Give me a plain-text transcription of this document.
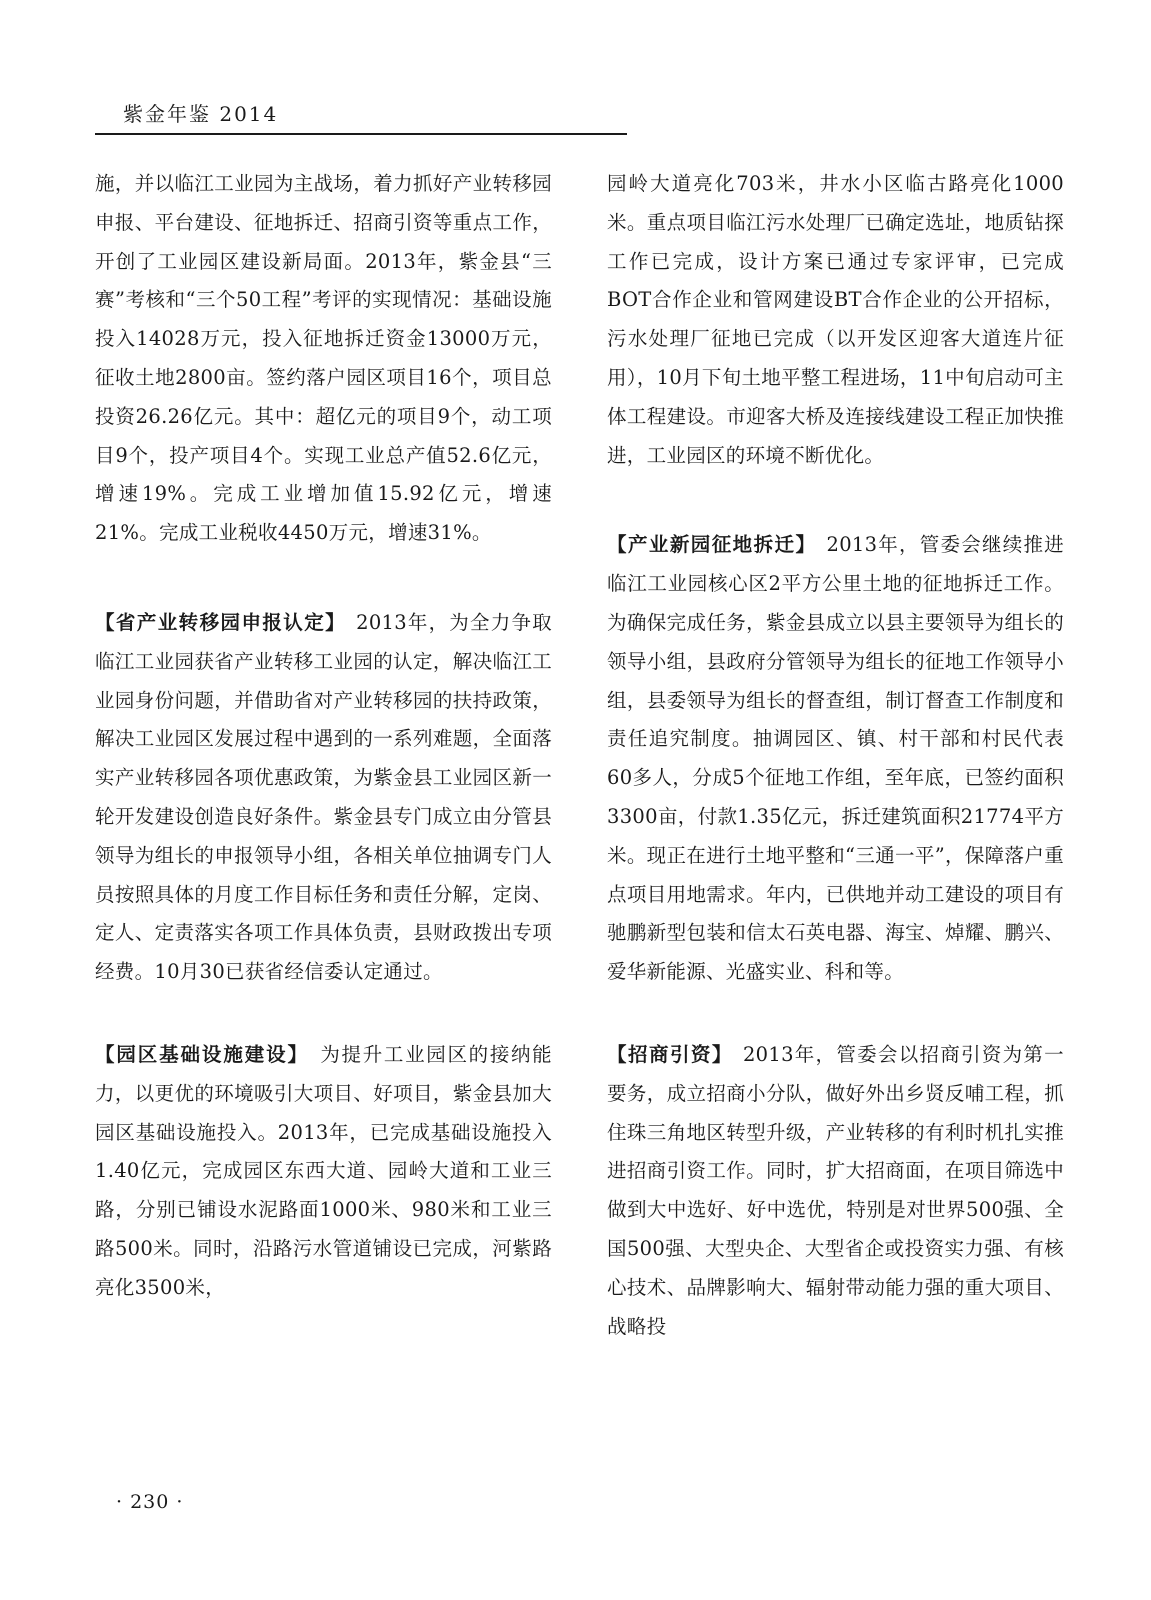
紫金年鉴 2014

施，并以临江工业园为主战场，着力抓好产业转移园申报、平台建设、征地拆迁、招商引资等重点工作，开创了工业园区建设新局面。2013年，紫金县“三赛”考核和“三个50工程”考评的实现情况：基础设施投入14028万元，投入征地拆迁资金13000万元，征收土地2800亩。签约落户园区项目16个，项目总投资26.26亿元。其中：超亿元的项目9个，动工项目9个，投产项目4个。实现工业总产值52.6亿元，增速19%。完成工业增加值15.92亿元，增速21%。完成工业税收4450万元，增速31%。

【省产业转移园申报认定】  2013年，为全力争取临江工业园获省产业转移工业园的认定，解决临江工业园身份问题，并借助省对产业转移园的扶持政策，解决工业园区发展过程中遇到的一系列难题，全面落实产业转移园各项优惠政策，为紫金县工业园区新一轮开发建设创造良好条件。紫金县专门成立由分管县领导为组长的申报领导小组，各相关单位抽调专门人员按照具体的月度工作目标任务和责任分解，定岗、定人、定责落实各项工作具体负责，县财政拨出专项经费。10月30已获省经信委认定通过。

【园区基础设施建设】  为提升工业园区的接纳能力，以更优的环境吸引大项目、好项目，紫金县加大园区基础设施投入。2013年，已完成基础设施投入1.40亿元，完成园区东西大道、园岭大道和工业三路，分别已铺设水泥路面1000米、980米和工业三路500米。同时，沿路污水管道铺设已完成，河紫路亮化3500米，

园岭大道亮化703米，井水小区临古路亮化1000米。重点项目临江污水处理厂已确定选址，地质钻探工作已完成，设计方案已通过专家评审，已完成BOT合作企业和管网建设BT合作企业的公开招标，污水处理厂征地已完成（以开发区迎客大道连片征用），10月下旬土地平整工程进场，11中旬启动可主体工程建设。市迎客大桥及连接线建设工程正加快推进，工业园区的环境不断优化。

【产业新园征地拆迁】  2013年，管委会继续推进临江工业园核心区2平方公里土地的征地拆迁工作。为确保完成任务，紫金县成立以县主要领导为组长的领导小组，县政府分管领导为组长的征地工作领导小组，县委领导为组长的督查组，制订督查工作制度和责任追究制度。抽调园区、镇、村干部和村民代表60多人，分成5个征地工作组，至年底，已签约面积3300亩，付款1.35亿元，拆迁建筑面积21774平方米。现正在进行土地平整和“三通一平”，保障落户重点项目用地需求。年内，已供地并动工建设的项目有驰鹏新型包装和信太石英电器、海宝、焯耀、鹏兴、爱华新能源、光盛实业、科和等。

【招商引资】  2013年，管委会以招商引资为第一要务，成立招商小分队，做好外出乡贤反哺工程，抓住珠三角地区转型升级，产业转移的有利时机扎实推进招商引资工作。同时，扩大招商面，在项目筛选中做到大中选好、好中选优，特别是对世界500强、全国500强、大型央企、大型省企或投资实力强、有核心技术、品牌影响大、辐射带动能力强的重大项目、战略投

· 230 ·
